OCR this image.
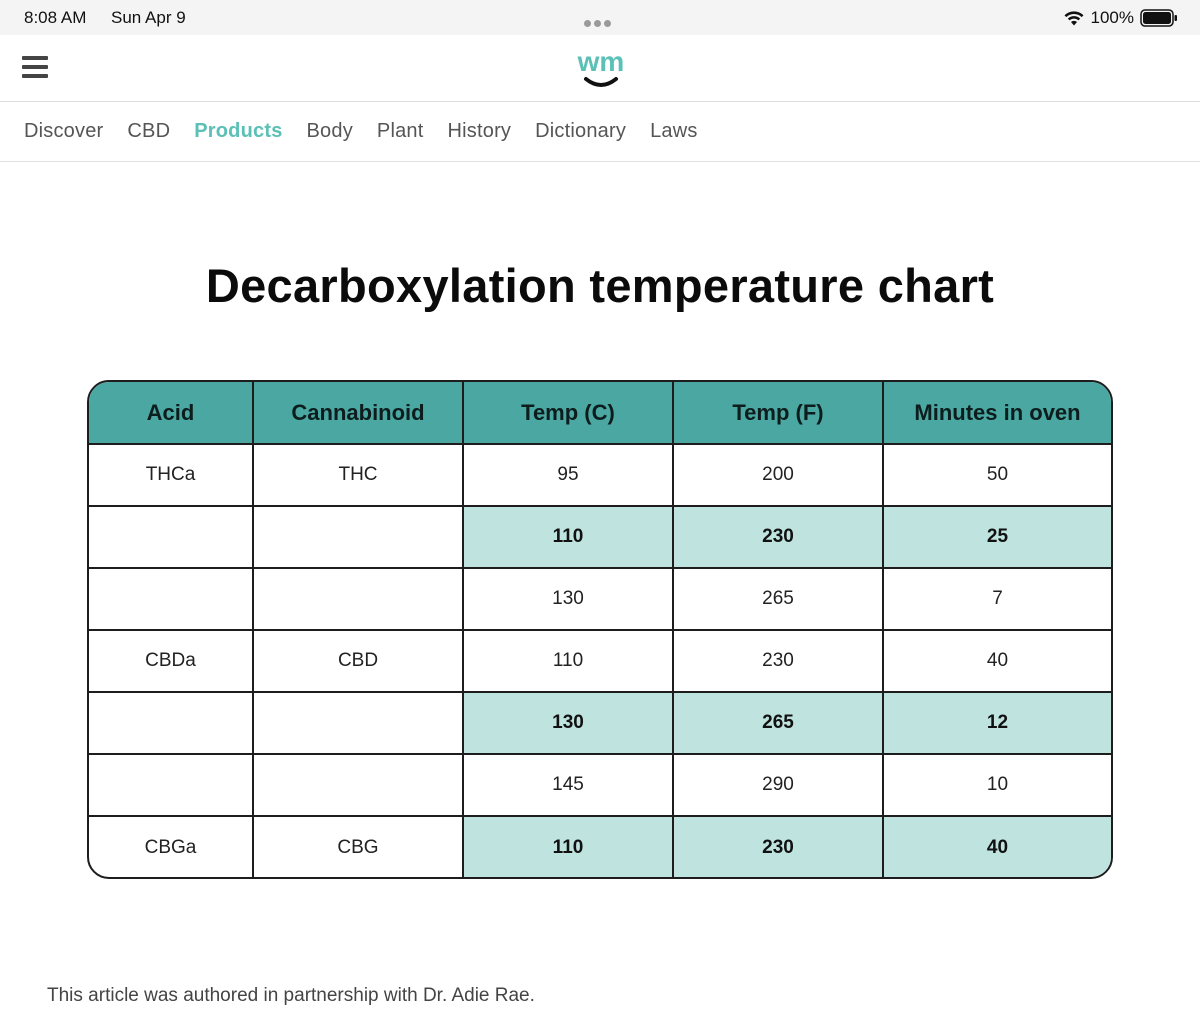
8:08 AM Sun Apr 9	100%
wm
Discover CBD Products Body Plant History Dictionary Laws
Decarboxylation temperature chart
Acid	Cannabinoid	Temp (C)	Temp (F)	Minutes in oven
THCa	THC	95	200	50
		110	230	25
		130	265	7
CBDa	CBD	110	230	40
		130	265	12
		145	290	10
CBGa	CBG	110	230	40

This article was authored in partnership with Dr. Adie Rae.
